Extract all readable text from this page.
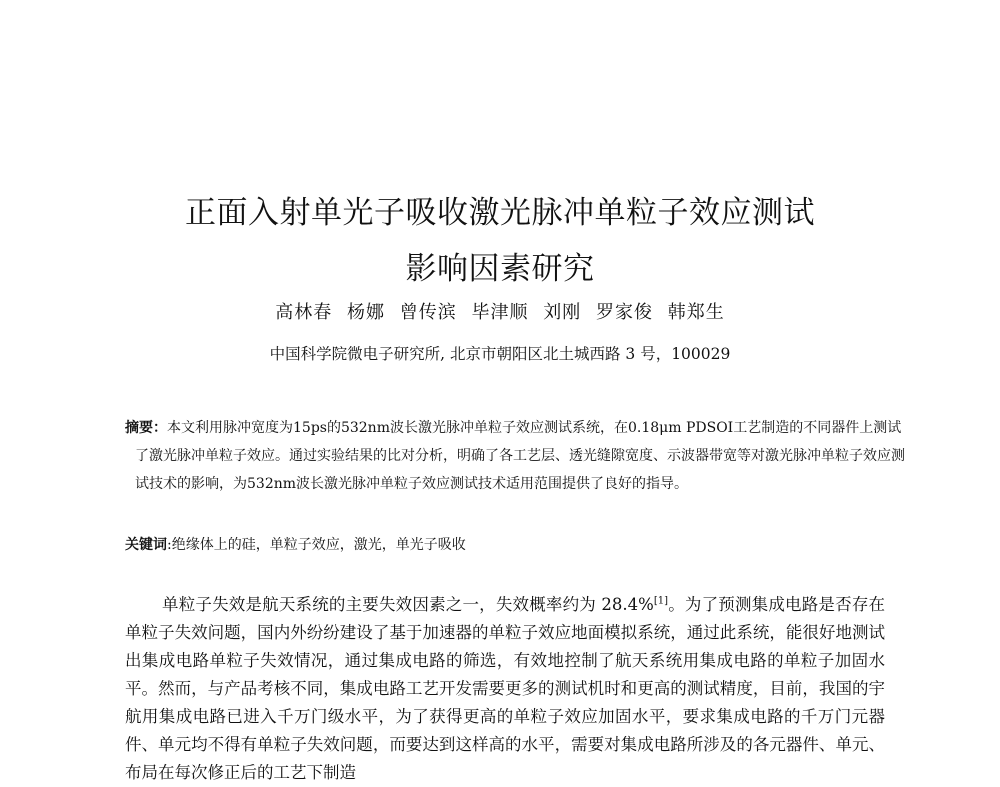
正面入射单光子吸收激光脉冲单粒子效应测试
影响因素研究
高林春 杨娜 曾传滨 毕津顺 刘刚 罗家俊 韩郑生
中国科学院微电子研究所, 北京市朝阳区北土城西路 3 号，100029
摘要：本文利用脉冲宽度为15ps的532nm波长激光脉冲单粒子效应测试系统，在0.18μm PDSOI工艺制造的不同器件上测试了激光脉冲单粒子效应。通过实验结果的比对分析，明确了各工艺层、透光缝隙宽度、示波器带宽等对激光脉冲单粒子效应测试技术的影响，为532nm波长激光脉冲单粒子效应测试技术适用范围提供了良好的指导。
关键词:绝缘体上的硅，单粒子效应，激光，单光子吸收
单粒子失效是航天系统的主要失效因素之一，失效概率约为 28.4%[1]。为了预测集成电路是否存在单粒子失效问题，国内外纷纷建设了基于加速器的单粒子效应地面模拟系统，通过此系统，能很好地测试出集成电路单粒子失效情况，通过集成电路的筛选，有效地控制了航天系统用集成电路的单粒子加固水平。然而，与产品考核不同，集成电路工艺开发需要更多的测试机时和更高的测试精度，目前，我国的宇航用集成电路已进入千万门级水平，为了获得更高的单粒子效应加固水平，要求集成电路的千万门元器件、单元均不得有单粒子失效问题，而要达到这样高的水平，需要对集成电路所涉及的各元器件、单元、布局在每次修正后的工艺下制造
